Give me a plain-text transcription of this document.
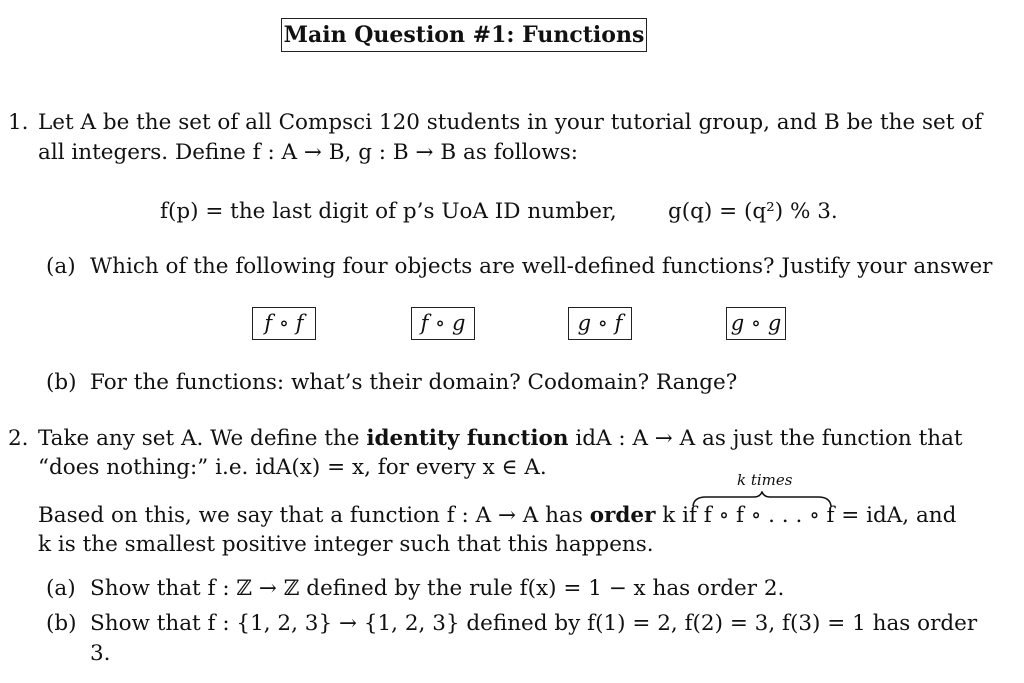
Main Question #1: Functions
1. Let A be the set of all Compsci 120 students in your tutorial group, and B be the set of
all integers. Define f : A → B, g : B → B as follows:
f(p) = the last digit of p’s UoA ID number, g(q) = (q²) % 3.
(a) Which of the following four objects are well-defined functions? Justify your answer
f ∘ f	f ∘ g	g ∘ f	g ∘ g
(b) For the functions: what’s their domain? Codomain? Range?
2. Take any set A. We define the identity function idA : A → A as just the function that
“does nothing:” i.e. idA(x) = x, for every x ∈ A.	k times
Based on this, we say that a function f : A → A has order k if f ∘ f ∘ . . . ∘ f = idA, and
k is the smallest positive integer such that this happens.
(a) Show that f : ℤ → ℤ defined by the rule f(x) = 1 − x has order 2.
(b) Show that f : {1, 2, 3} → {1, 2, 3} defined by f(1) = 2, f(2) = 3, f(3) = 1 has order
3.
